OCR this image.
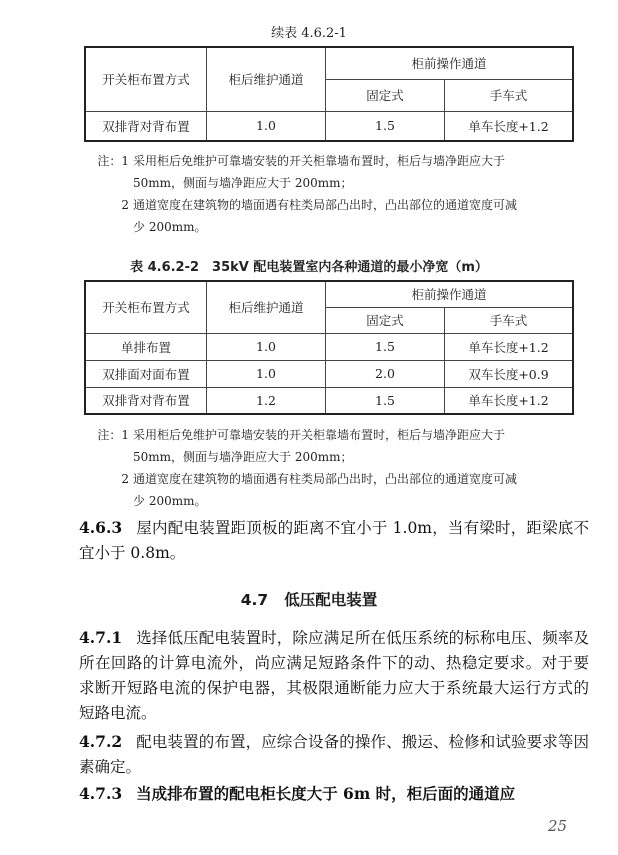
续表 4.6.2-1
开关柜布置方式	柜后维护通道	柜前操作通道	
		固定式	手车式
双排背对背布置	1.0	1.5	单车长度+1.2
注：1 采用柜后免维护可靠墙安装的开关柜靠墙布置时，柜后与墙净距应大于
50mm，侧面与墙净距应大于 200mm；
2 通道宽度在建筑物的墙面遇有柱类局部凸出时，凸出部位的通道宽度可减
少 200mm。
表 4.6.2-2　35kV 配电装置室内各种通道的最小净宽（m）
开关柜布置方式	柜后维护通道	柜前操作通道	
		固定式	手车式
单排布置	1.0	1.5	单车长度+1.2
双排面对面布置	1.0	2.0	双车长度+0.9
双排背对背布置	1.2	1.5	单车长度+1.2
注：1 采用柜后免维护可靠墙安装的开关柜靠墙布置时，柜后与墙净距应大于
50mm，侧面与墙净距应大于 200mm；
2 通道宽度在建筑物的墙面遇有柱类局部凸出时，凸出部位的通道宽度可减
少 200mm。
4.6.3 屋内配电装置距顶板的距离不宜小于 1.0m，当有梁时，距梁底不宜小于 0.8m。
4.7 低压配电装置
4.7.1 选择低压配电装置时，除应满足所在低压系统的标称电压、频率及所在回路的计算电流外，尚应满足短路条件下的动、热稳定要求。对于要求断开短路电流的保护电器，其极限通断能力应大于系统最大运行方式的短路电流。
4.7.2 配电装置的布置，应综合设备的操作、搬运、检修和试验要求等因素确定。
4.7.3 当成排布置的配电柜长度大于 6m 时，柜后面的通道应
25
